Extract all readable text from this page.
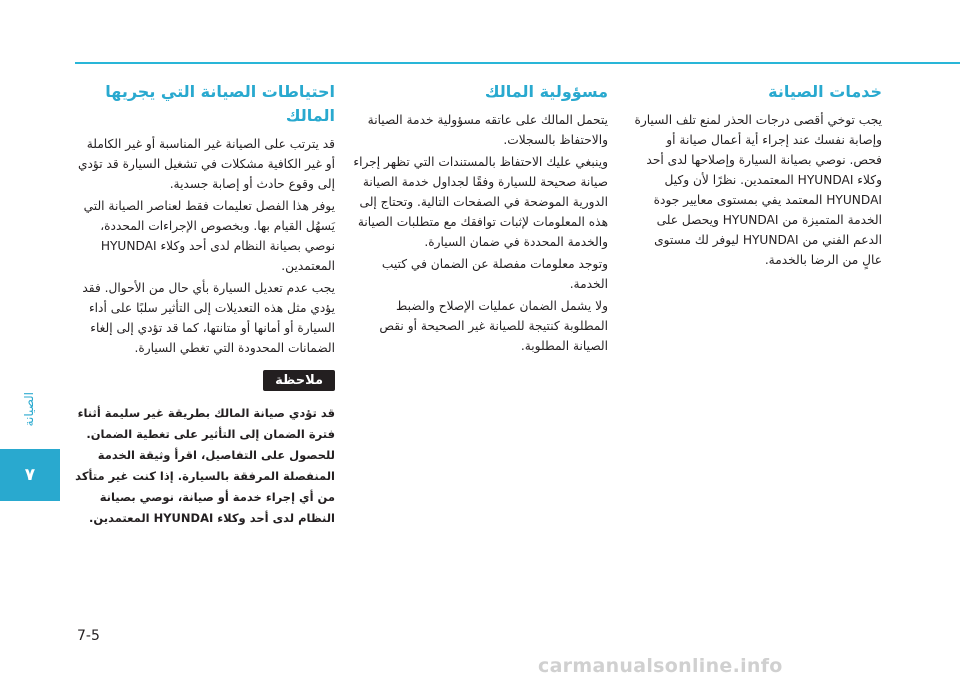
الصيانة
٧
7-5
carmanualsonline.info
خدمات الصيانة

يجب توخي أقصى درجات الحذر لمنع تلف السيارة وإصابة نفسك عند إجراء أية أعمال صيانة أو فحص. نوصي بصيانة السيارة وإصلاحها لدى أحد وكلاء HYUNDAI المعتمدين. نظرًا لأن وكيل HYUNDAI المعتمد يفي بمستوى معايير جودة الخدمة المتميزة من HYUNDAI ويحصل على الدعم الفني من HYUNDAI ليوفر لك مستوى عالٍ من الرضا بالخدمة.

مسؤولية المالك

يتحمل المالك على عاتقه مسؤولية خدمة الصيانة والاحتفاظ بالسجلات.

وينبغي عليك الاحتفاظ بالمستندات التي تظهر إجراء صيانة صحيحة للسيارة وفقًا لجداول خدمة الصيانة الدورية الموضحة في الصفحات التالية. وتحتاج إلى هذه المعلومات لإثبات توافقك مع متطلبات الصيانة والخدمة المحددة في ضمان السيارة.

وتوجد معلومات مفصلة عن الضمان في كتيب الخدمة.

ولا يشمل الضمان عمليات الإصلاح والضبط المطلوبة كنتيجة للصيانة غير الصحيحة أو نقص الصيانة المطلوبة.

احتياطات الصيانة التي يجريها المالك

قد يترتب على الصيانة غير المناسبة أو غير الكاملة أو غير الكافية مشكلات في تشغيل السيارة قد تؤدي إلى وقوع حادث أو إصابة جسدية.

يوفر هذا الفصل تعليمات فقط لعناصر الصيانة التي يَسهُل القيام بها. وبخصوص الإجراءات المحددة، نوصي بصيانة النظام لدى أحد وكلاء HYUNDAI المعتمدين.

يجب عدم تعديل السيارة بأي حال من الأحوال. فقد يؤدي مثل هذه التعديلات إلى التأثير سلبًا على أداء السيارة أو أمانها أو متانتها، كما قد تؤدي إلى إلغاء الضمانات المحدودة التي تغطي السيارة.

ملاحظة

قد تؤدي صيانة المالك بطريقة غير سليمة أثناء فترة الضمان إلى التأثير على تغطية الضمان. للحصول على التفاصيل، اقرأ وثيقة الخدمة المنفصلة المرفقة بالسيارة. إذا كنت غير متأكد من أي إجراء خدمة أو صيانة، نوصي بصيانة النظام لدى أحد وكلاء HYUNDAI المعتمدين.
